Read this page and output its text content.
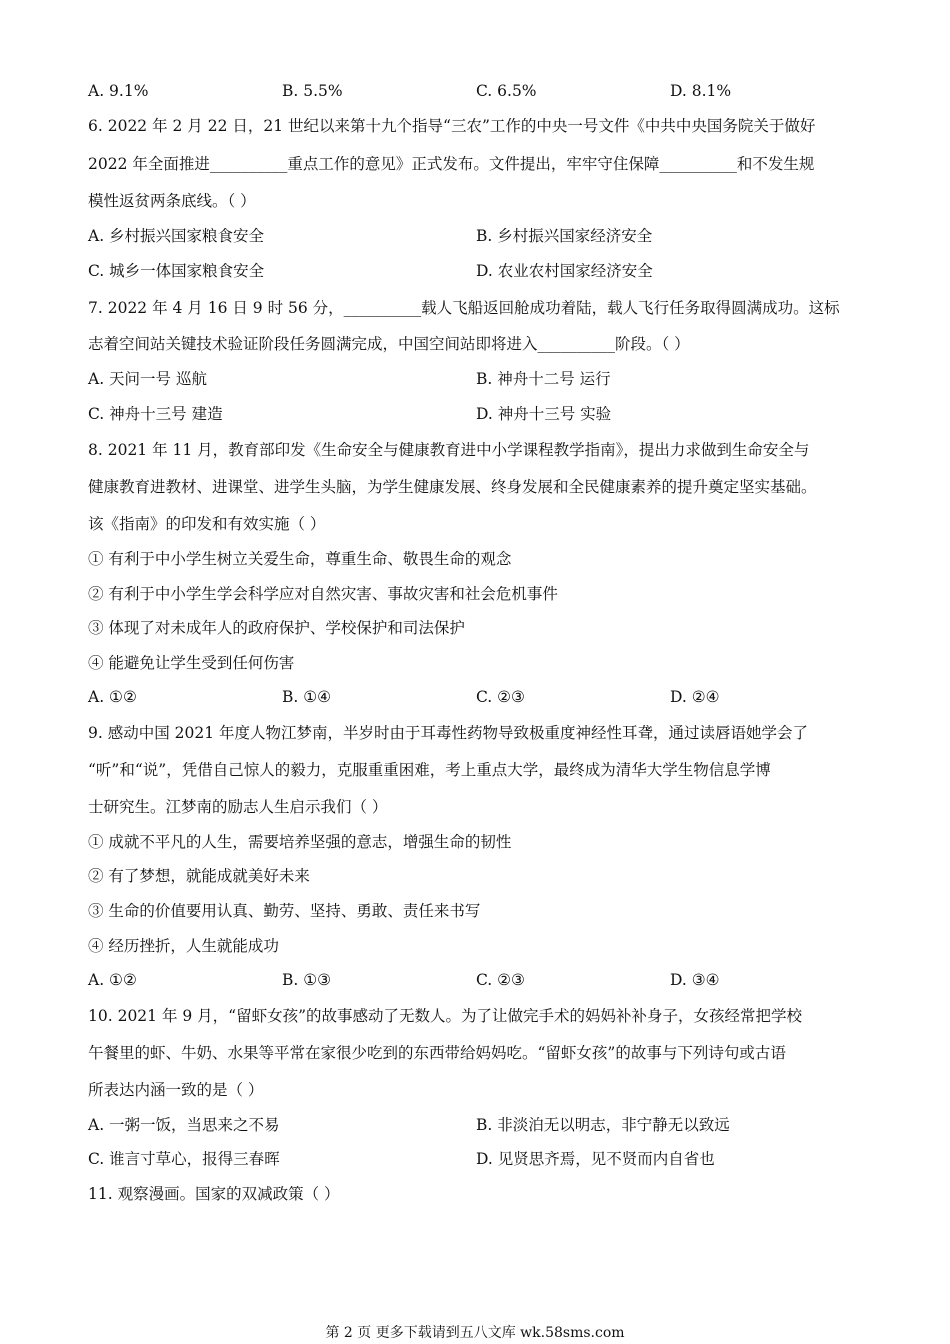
A. 9.1%	B. 5.5%	C. 6.5%	D. 8.1%
6. 2022 年 2 月 22 日，21 世纪以来第十九个指导“三农”工作的中央一号文件《中共中央国务院关于做好
2022 年全面推进__________重点工作的意见》正式发布。文件提出，牢牢守住保障__________和不发生规
模性返贫两条底线。（ ）
A. 乡村振兴国家粮食安全	B. 乡村振兴国家经济安全
C. 城乡一体国家粮食安全	D. 农业农村国家经济安全
7. 2022 年 4 月 16 日 9 时 56 分，__________载人飞船返回舱成功着陆，载人飞行任务取得圆满成功。这标
志着空间站关键技术验证阶段任务圆满完成，中国空间站即将进入__________阶段。（ ）
A. 天问一号 巡航	B. 神舟十二号 运行
C. 神舟十三号 建造	D. 神舟十三号 实验
8. 2021 年 11 月，教育部印发《生命安全与健康教育进中小学课程教学指南》，提出力求做到生命安全与
健康教育进教材、进课堂、进学生头脑，为学生健康发展、终身发展和全民健康素养的提升奠定坚实基础。
该《指南》的印发和有效实施（ ）
① 有利于中小学生树立关爱生命，尊重生命、敬畏生命的观念
② 有利于中小学生学会科学应对自然灾害、事故灾害和社会危机事件
③ 体现了对未成年人的政府保护、学校保护和司法保护
④ 能避免让学生受到任何伤害
A. ①②	B. ①④	C. ②③	D. ②④
9. 感动中国 2021 年度人物江梦南，半岁时由于耳毒性药物导致极重度神经性耳聋，通过读唇语她学会了
“听”和“说”，凭借自己惊人的毅力，克服重重困难，考上重点大学，最终成为清华大学生物信息学博
士研究生。江梦南的励志人生启示我们（ ）
① 成就不平凡的人生，需要培养坚强的意志，增强生命的韧性
② 有了梦想，就能成就美好未来
③ 生命的价值要用认真、勤劳、坚持、勇敢、责任来书写
④ 经历挫折，人生就能成功
A. ①②	B. ①③	C. ②③	D. ③④
10. 2021 年 9 月，“留虾女孩”的故事感动了无数人。为了让做完手术的妈妈补补身子，女孩经常把学校
午餐里的虾、牛奶、水果等平常在家很少吃到的东西带给妈妈吃。“留虾女孩”的故事与下列诗句或古语
所表达内涵一致的是（ ）
A. 一粥一饭，当思来之不易	B. 非淡泊无以明志，非宁静无以致远
C. 谁言寸草心，报得三春晖	D. 见贤思齐焉，见不贤而内自省也
11. 观察漫画。国家的双减政策（ ）
第 2 页 更多下载请到五八文库 wk.58sms.com
